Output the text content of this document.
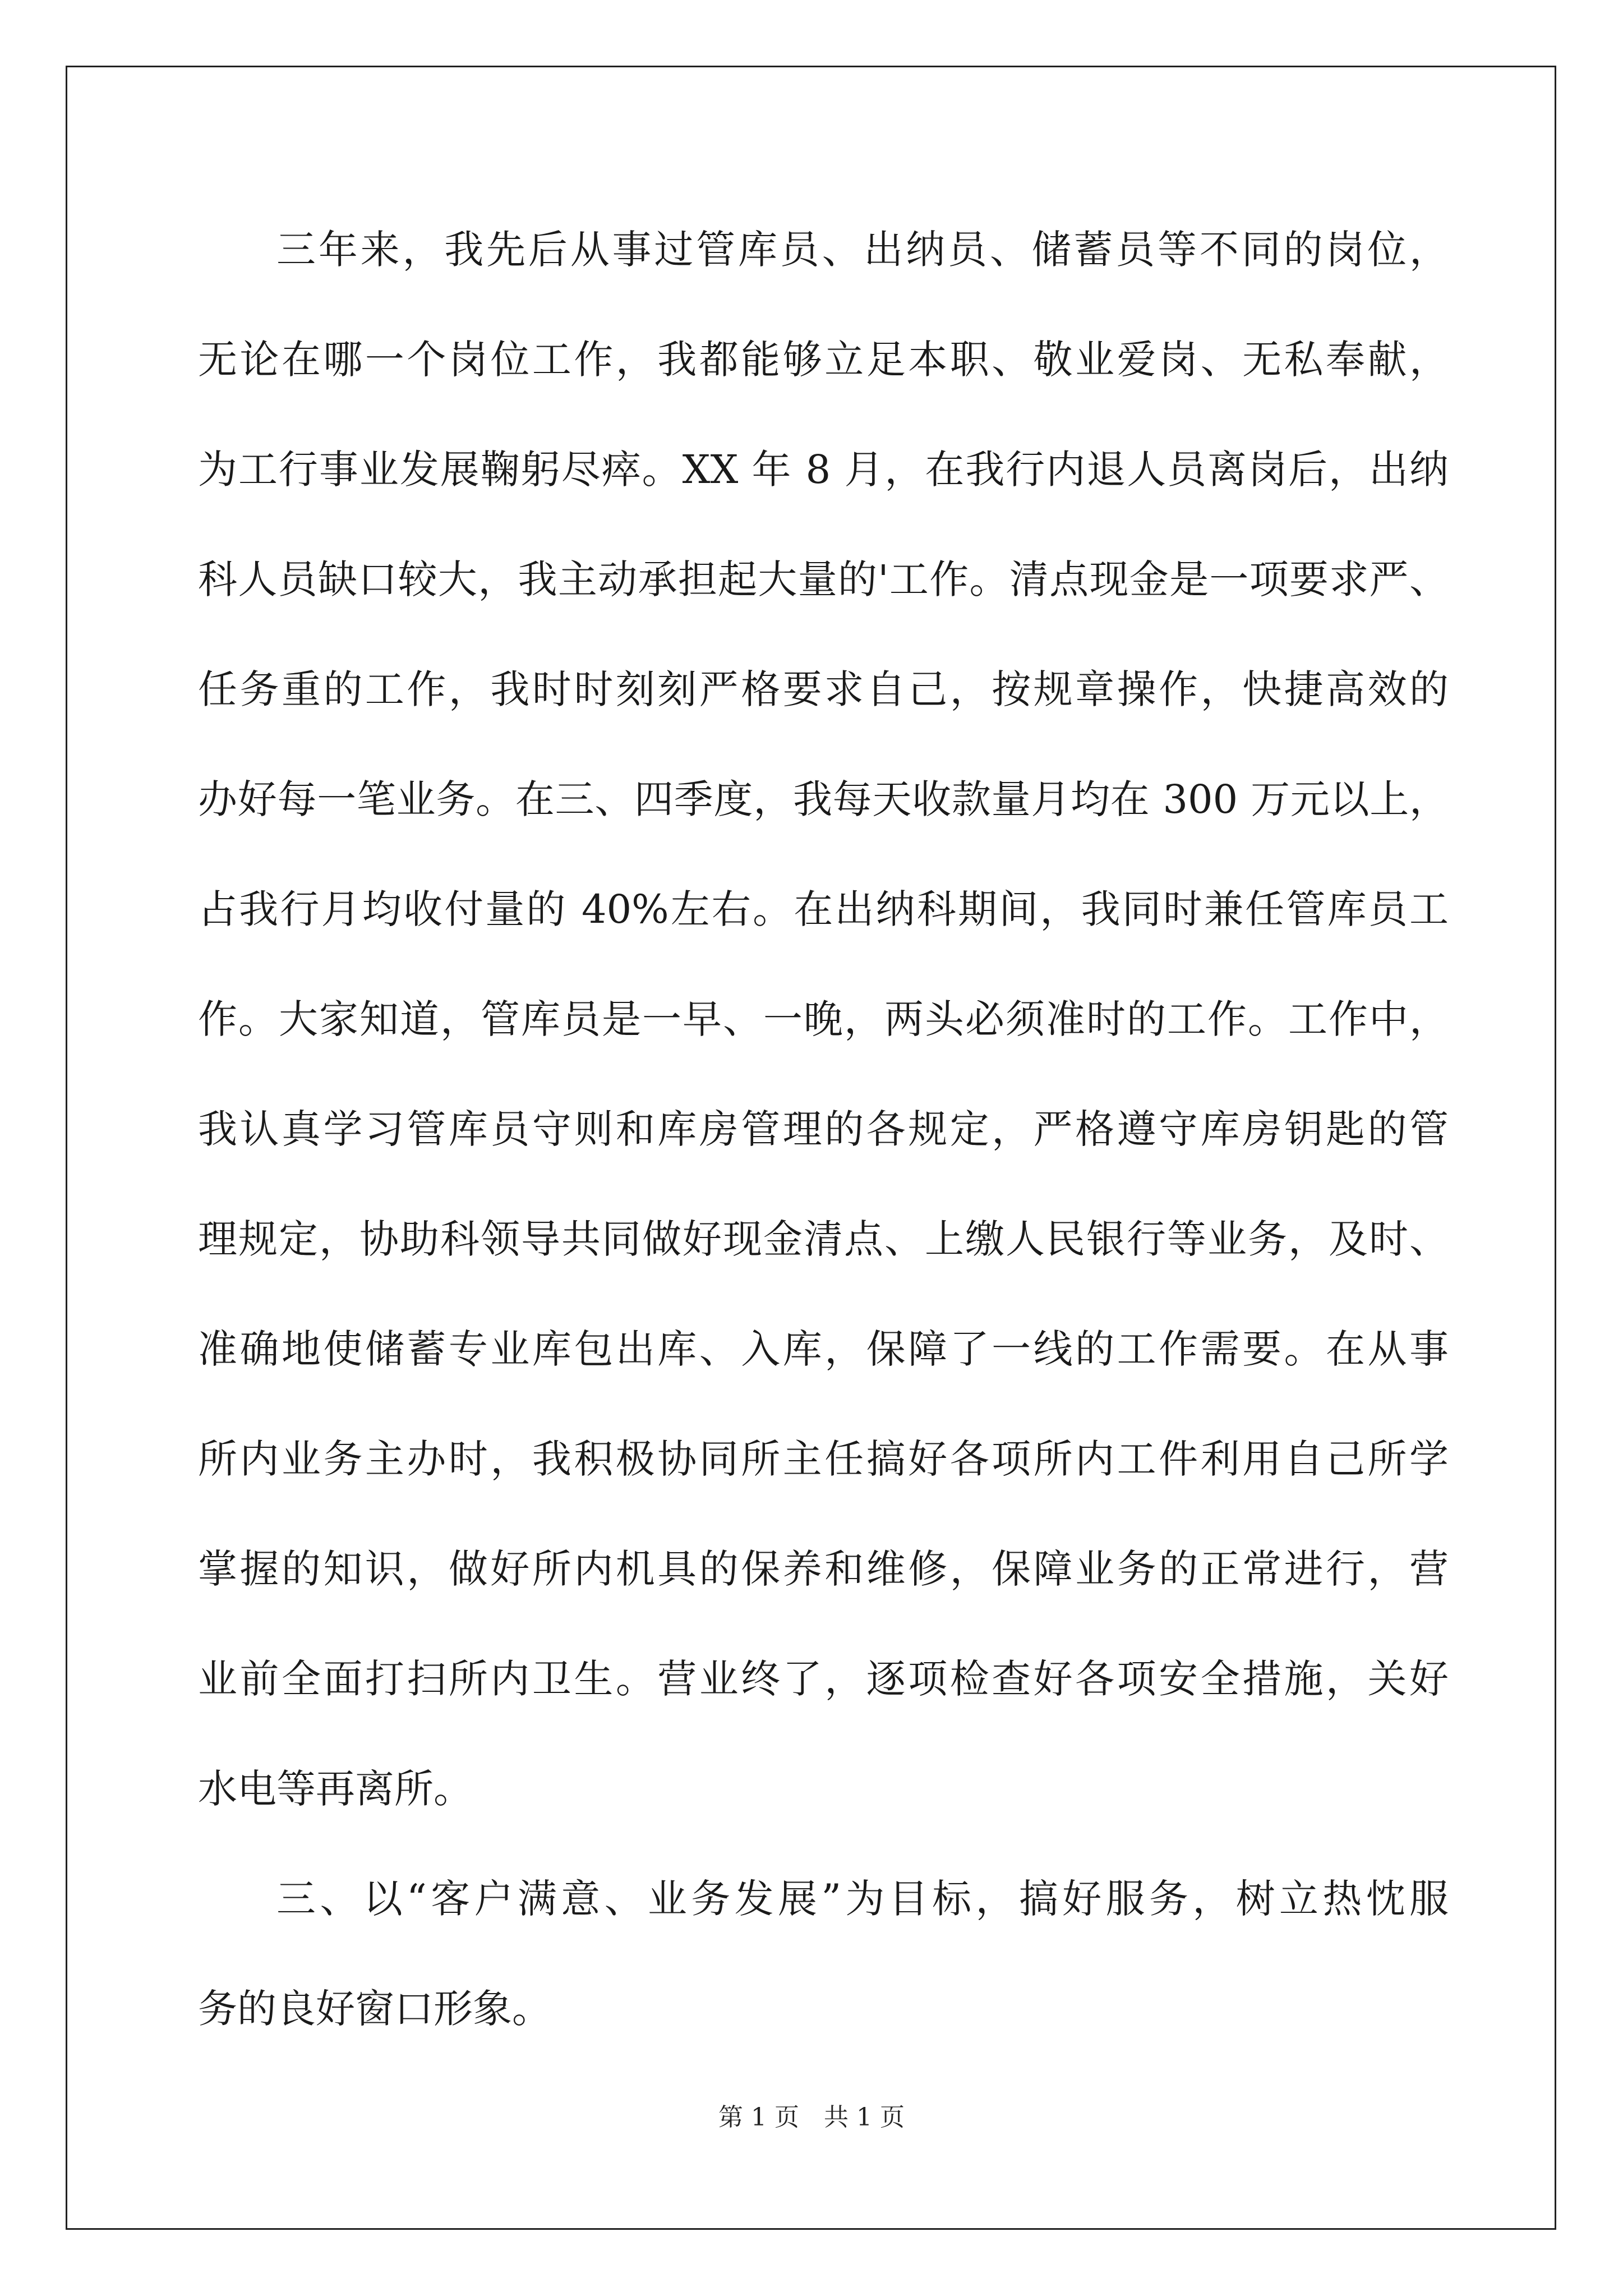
三年来，我先后从事过管库员、出纳员、储蓄员等不同的岗位，
无论在哪一个岗位工作，我都能够立足本职、敬业爱岗、无私奉献，
为工行事业发展鞠躬尽瘁。XX 年 8 月，在我行内退人员离岗后，出纳
科人员缺口较大，我主动承担起大量的'工作。清点现金是一项要求严、
任务重的工作，我时时刻刻严格要求自己，按规章操作，快捷高效的
办好每一笔业务。在三、四季度，我每天收款量月均在 300 万元以上，
占我行月均收付量的 40%左右。在出纳科期间，我同时兼任管库员工
作。大家知道，管库员是一早、一晚，两头必须准时的工作。工作中，
我认真学习管库员守则和库房管理的各规定，严格遵守库房钥匙的管
理规定，协助科领导共同做好现金清点、上缴人民银行等业务，及时、
准确地使储蓄专业库包出库、入库，保障了一线的工作需要。在从事
所内业务主办时，我积极协同所主任搞好各项所内工件利用自己所学
掌握的知识，做好所内机具的保养和维修，保障业务的正常进行，营
业前全面打扫所内卫生。营业终了，逐项检查好各项安全措施，关好
水电等再离所。
三、以“客户满意、业务发展”为目标，搞好服务，树立热忱服
务的良好窗口形象。
第 1 页　共 1 页
